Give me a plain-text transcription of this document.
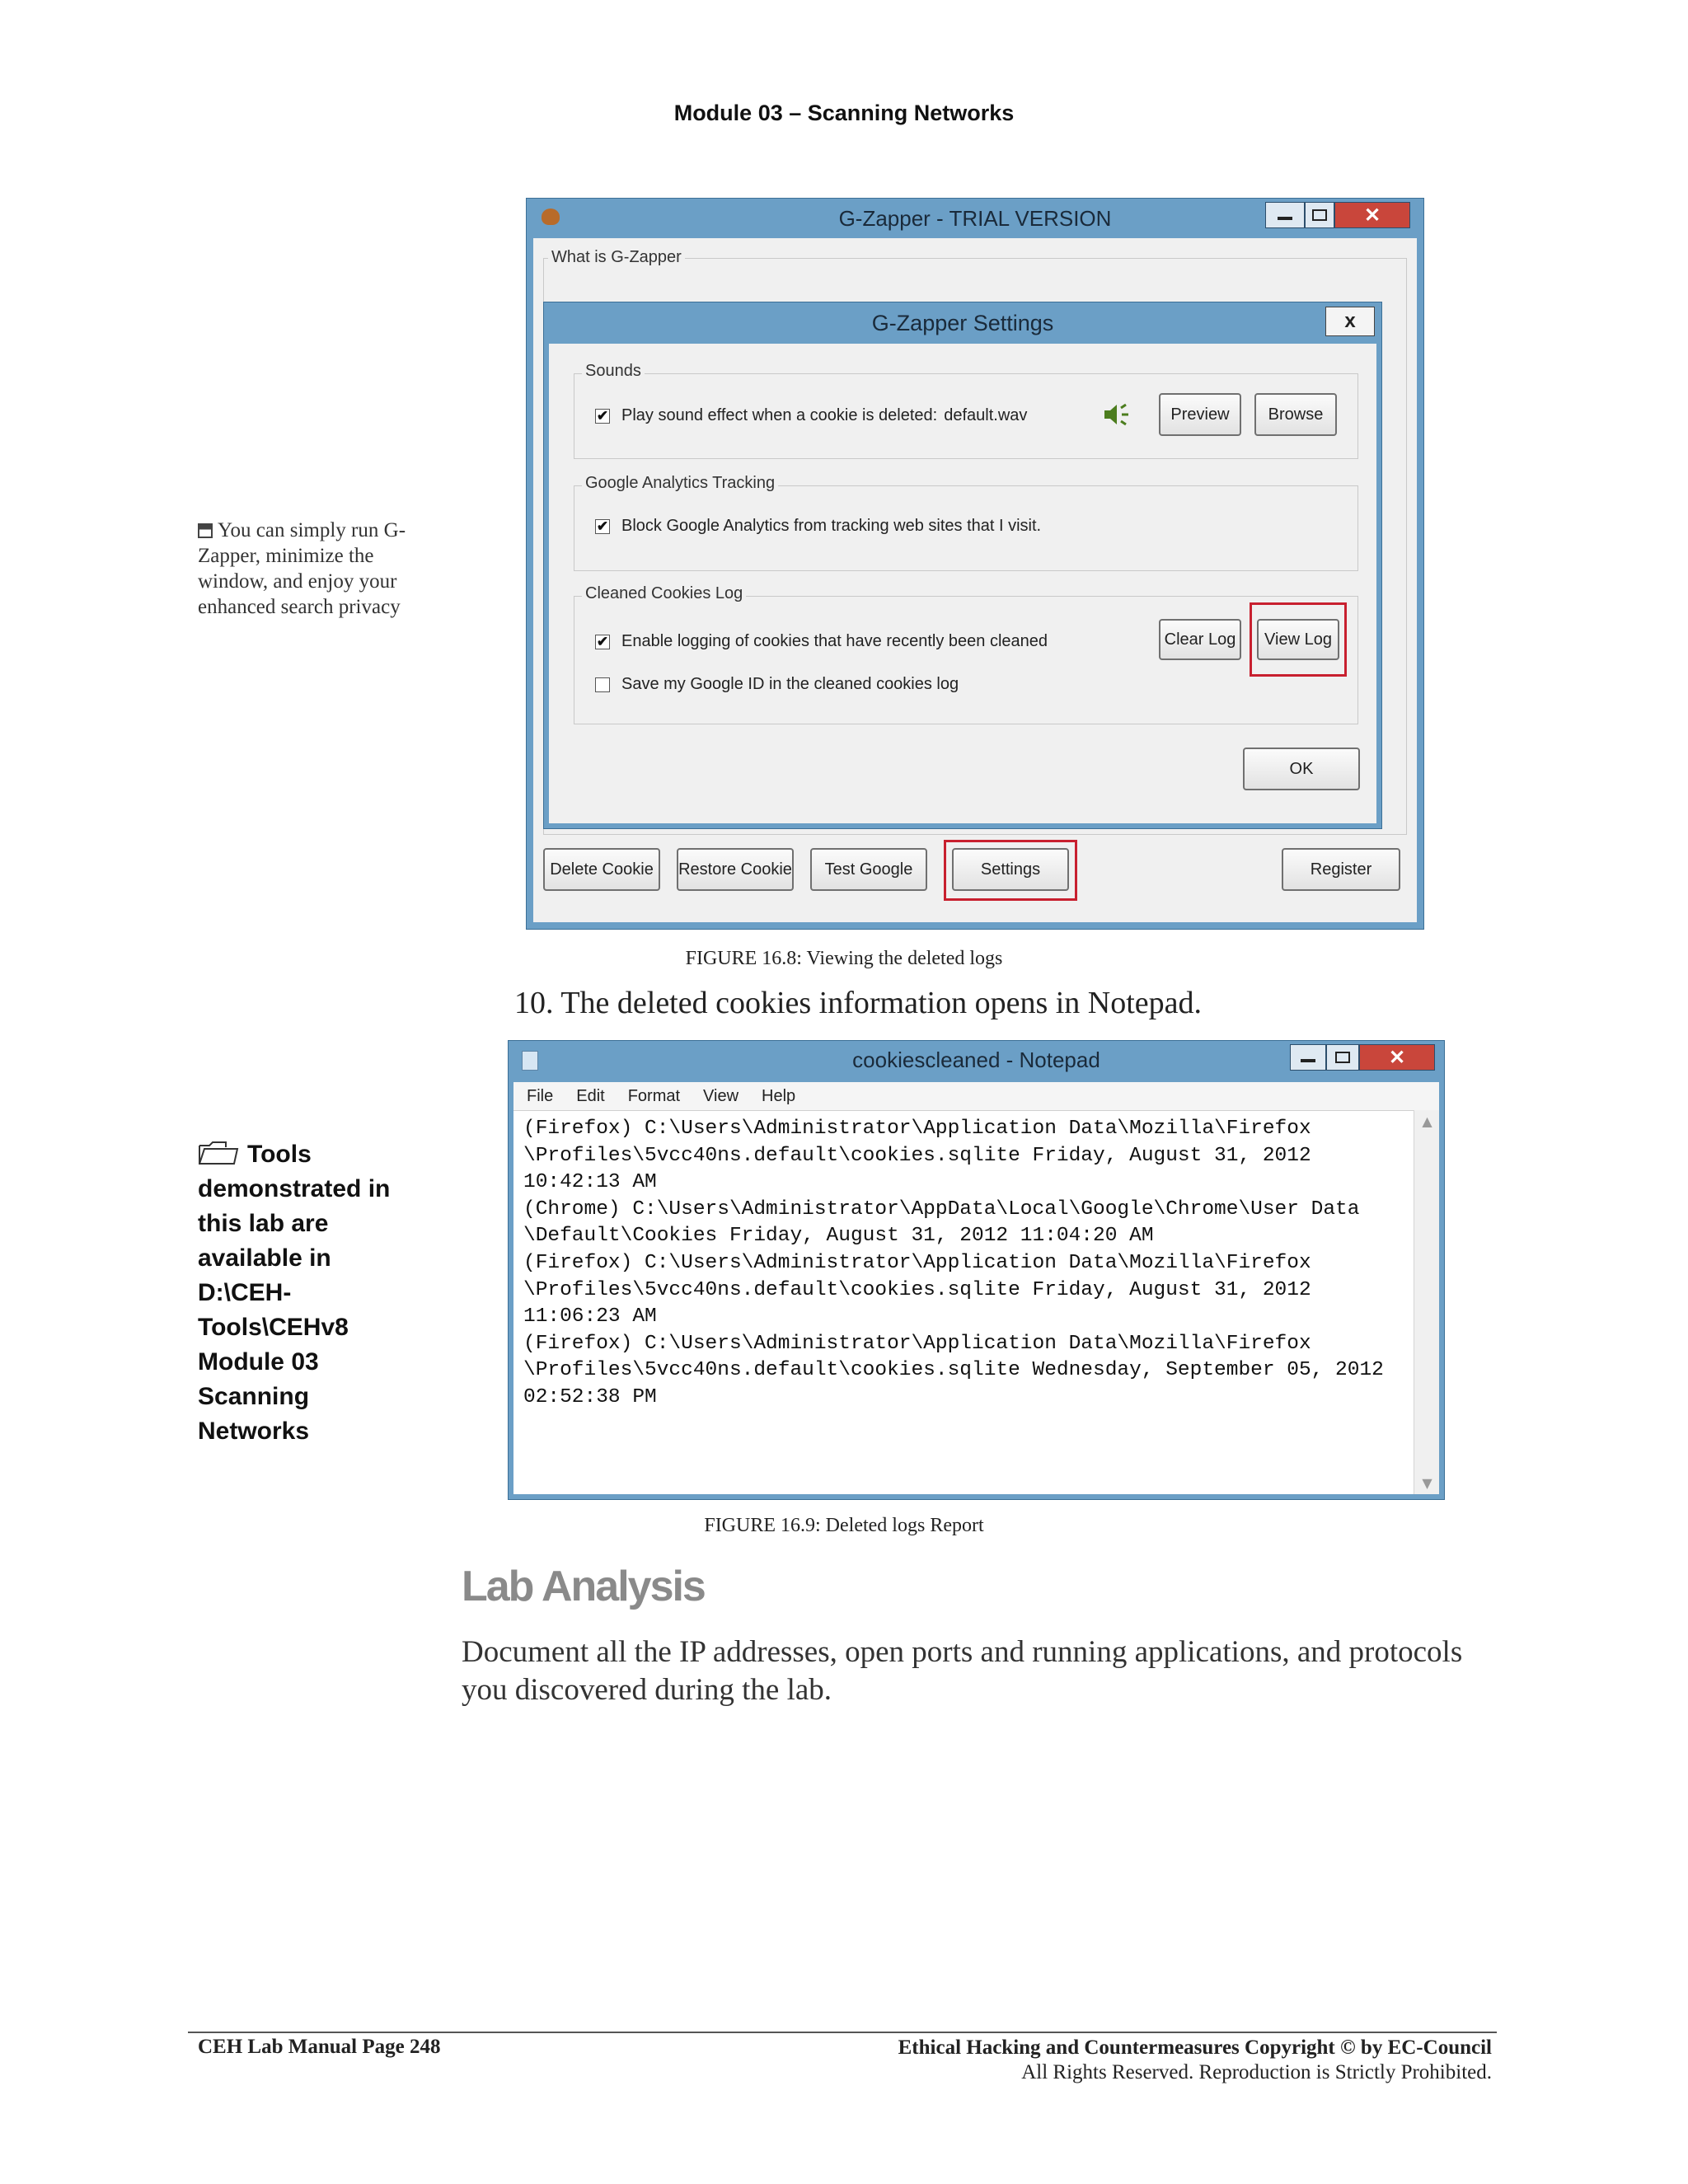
Module 03 – Scanning Networks
You can simply run G-Zapper, minimize the window, and enjoy your enhanced search privacy
Tools
demonstrated in
this lab are
available in
D:\CEH-
Tools\CEHv8
Module 03
Scanning
Networks
G-Zapper - TRIAL VERSION	✕
What is G-Zapper
Delete Cookie	Restore Cookie	Test Google	Settings	Register
G-Zapper Settings	x
Sounds
✔ Play sound effect when a cookie is deleted: default.wav	Preview	Browse
Google Analytics Tracking
✔ Block Google Analytics from tracking web sites that I visit.
Cleaned Cookies Log
✔ Enable logging of cookies that have recently been cleaned
Save my Google ID in the cleaned cookies log
Clear Log	View Log
OK
FIGURE 16.8: Viewing the deleted logs
10. The deleted cookies information opens in Notepad.
cookiescleaned - Notepad	✕
File Edit Format View Help
(Firefox) C:\Users\Administrator\Application Data\Mozilla\Firefox
\Profiles\5vcc40ns.default\cookies.sqlite Friday, August 31, 2012
10:42:13 AM
(Chrome) C:\Users\Administrator\AppData\Local\Google\Chrome\User Data
\Default\Cookies Friday, August 31, 2012 11:04:20 AM
(Firefox) C:\Users\Administrator\Application Data\Mozilla\Firefox
\Profiles\5vcc40ns.default\cookies.sqlite Friday, August 31, 2012
11:06:23 AM
(Firefox) C:\Users\Administrator\Application Data\Mozilla\Firefox
\Profiles\5vcc40ns.default\cookies.sqlite Wednesday, September 05, 2012
02:52:38 PM
▲
▼
FIGURE 16.9: Deleted logs Report
Lab Analysis
Document all the IP addresses, open ports and running applications, and protocols you discovered during the lab.
CEH Lab Manual Page 248	Ethical Hacking and Countermeasures Copyright © by EC-Council
All Rights Reserved. Reproduction is Strictly Prohibited.
